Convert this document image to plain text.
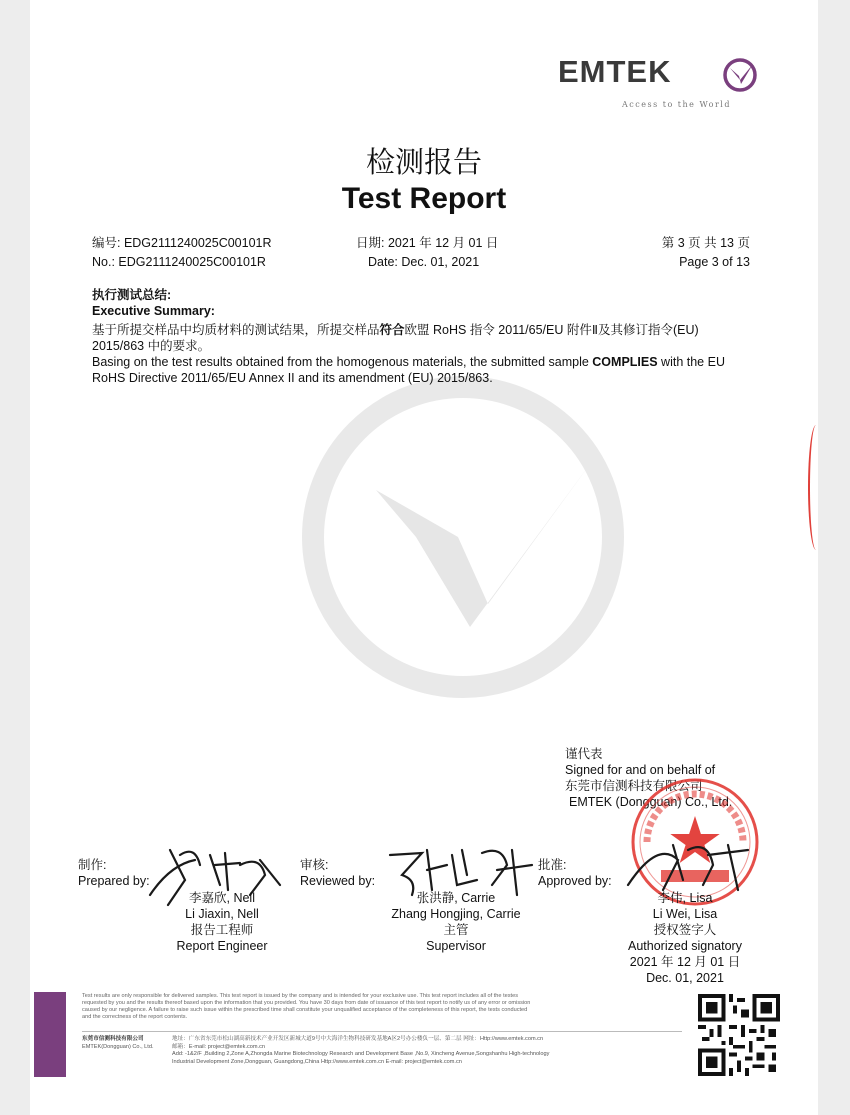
EMTEK
Access to the World
检测报告
Test Report
编号: EDG2111240025C00101R
No.: EDG2111240025C00101R
日期: 2021 年 12 月 01 日
Date: Dec. 01, 2021
第 3 页 共 13 页
Page 3 of 13
执行测试总结:
Executive Summary:
基于所提交样品中均质材料的测试结果，所提交样品符合欧盟 RoHS 指令 2011/65/EU 附件Ⅱ及其修订指令(EU)
2015/863 中的要求。
Basing on the test results obtained from the homogenous materials, the submitted sample COMPLIES with the EU
RoHS Directive 2011/65/EU Annex II and its amendment (EU) 2015/863.
谨代表
Signed for and on behalf of
东莞市信测科技有限公司
EMTEK (Dongguan) Co., Ltd.
制作:
Prepared by:
李嘉欣, Nell
Li Jiaxin, Nell
报告工程师
Report Engineer
审核:
Reviewed by:
张洪静, Carrie
Zhang Hongjing, Carrie
主管
Supervisor
批准:
Approved by:
李伟, Lisa
Li Wei, Lisa
授权签字人
Authorized signatory
2021 年 12 月 01 日
Dec. 01, 2021
Test results are only responsible for delivered samples. This test report is issued by the company and is intended for your exclusive use. This test report includes all of the testes
requested by you and the results thereof based upon the information that you provided. You have 30 days from date of issuance of this test report to notify us of any error or omission
caused by our negligence. A failure to raise such issue within the prescribed time shall constitute your unqualified acceptance of the completeness of this report, the tests conducted
and the correctness of the report contents.
东莞市信测科技有限公司
EMTEK(Dongguan) Co., Ltd.
地址：广东省东莞市松山湖高新技术产业开发区新城大道9号中大海洋生物科技研发基地A区2号办公楼负一层、第二层 网址：Http://www.emtek.com.cn
邮箱：E-mail: project@emtek.com.cn
Add: -1&2/F ,Building 2,Zone A,Zhongda Marine Biotechnology Research and Development Base ,No.9, Xincheng Avenue,Songshanhu High-technology
Industrial Development Zone,Dongguan, Guangdong,China Http://www.emtek.com.cn E-mail: project@emtek.com.cn
